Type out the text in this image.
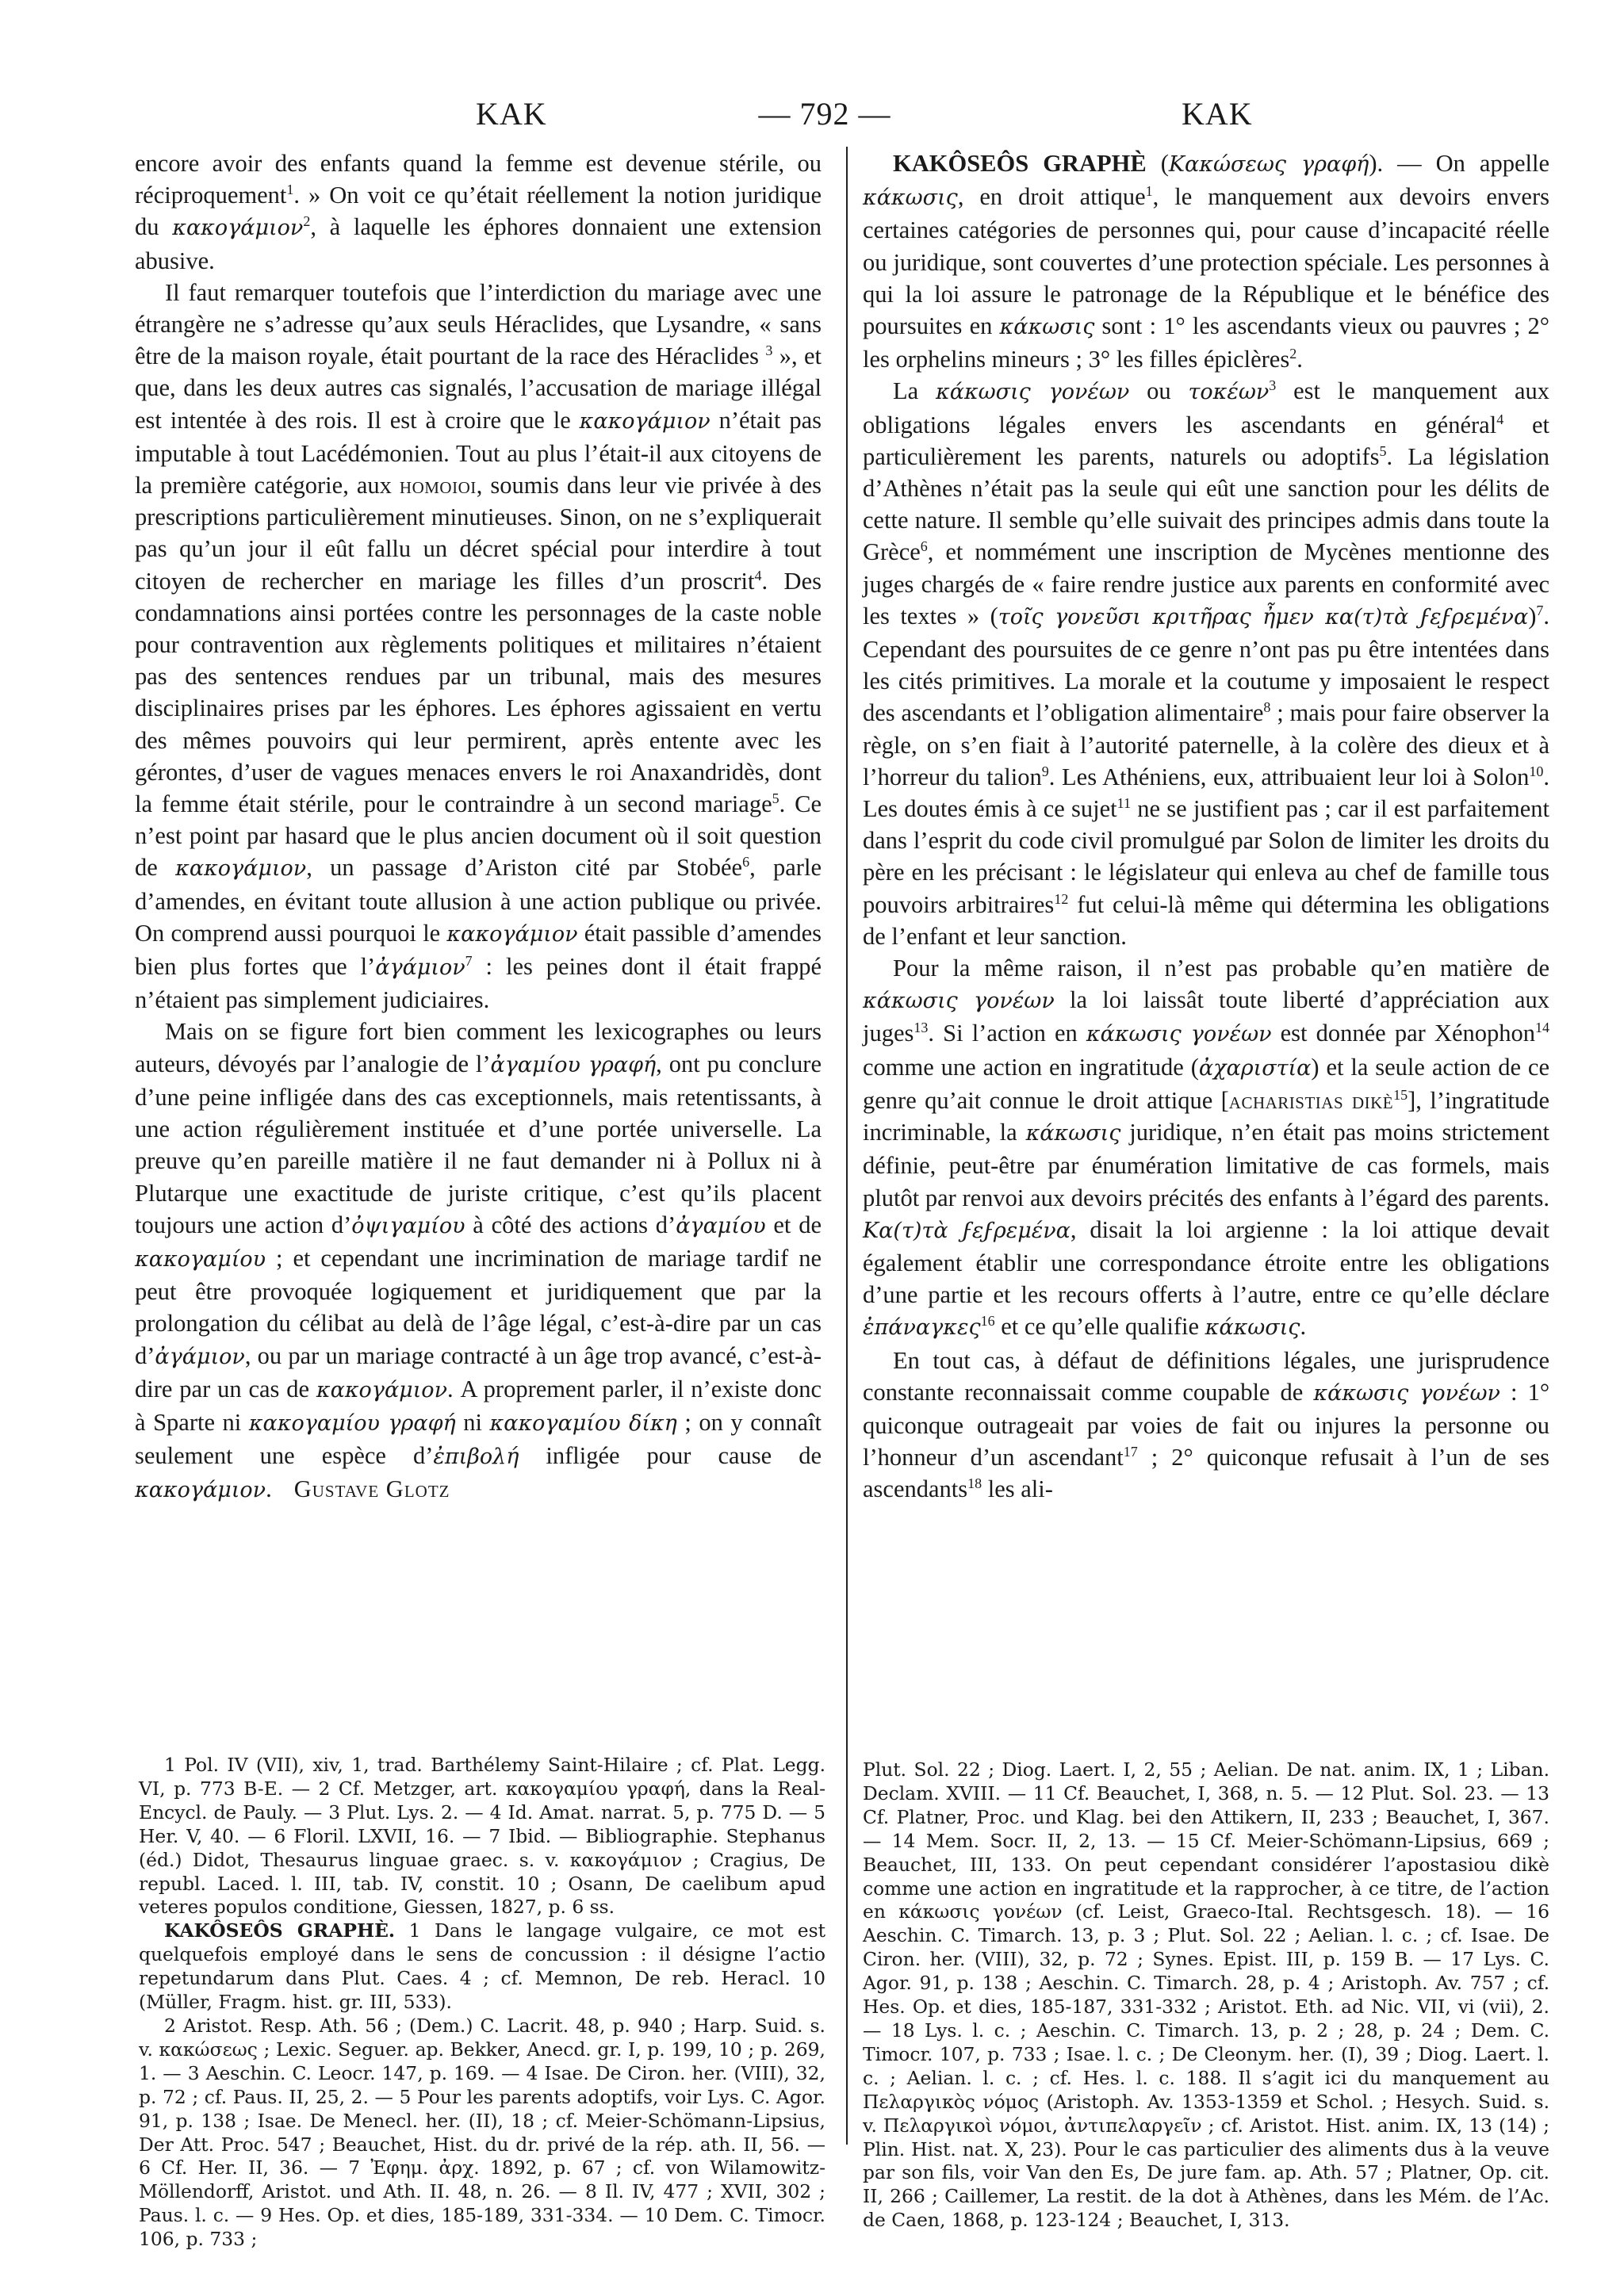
KAK	— 792 —	KAK

encore avoir des enfants quand la femme est devenue stérile, ou réciproquement$^1$. » On voit ce qu’était réellement la notion juridique du κακογάμιον$^2$, à laquelle les éphores donnaient une extension abusive.

Il faut remarquer toutefois que l’interdiction du mariage avec une étrangère ne s’adresse qu’aux seuls Héraclides, que Lysandre, « sans être de la maison royale, était pourtant de la race des Héraclides $^3$ », et que, dans les deux autres cas signalés, l’accusation de mariage illégal est intentée à des rois. Il est à croire que le κακογάμιον n’était pas imputable à tout Lacédémonien. Tout au plus l’était-il aux citoyens de la première catégorie, aux homoioi, soumis dans leur vie privée à des prescriptions particulièrement minutieuses. Sinon, on ne s’expliquerait pas qu’un jour il eût fallu un décret spécial pour interdire à tout citoyen de rechercher en mariage les filles d’un proscrit$^4$. Des condamnations ainsi portées contre les personnages de la caste noble pour contravention aux règlements politiques et militaires n’étaient pas des sentences rendues par un tribunal, mais des mesures disciplinaires prises par les éphores. Les éphores agissaient en vertu des mêmes pouvoirs qui leur permirent, après entente avec les gérontes, d’user de vagues menaces envers le roi Anaxandridès, dont la femme était stérile, pour le contraindre à un second mariage$^5$. Ce n’est point par hasard que le plus ancien document où il soit question de κακογάμιον, un passage d’Ariston cité par Stobée$^6$, parle d’amendes, en évitant toute allusion à une action publique ou privée. On comprend aussi pourquoi le κακογάμιον était passible d’amendes bien plus fortes que l’ἀγάμιον$^7$ : les peines dont il était frappé n’étaient pas simplement judiciaires.

Mais on se figure fort bien comment les lexicographes ou leurs auteurs, dévoyés par l’analogie de l’ἀγαμίου γραφή, ont pu conclure d’une peine infligée dans des cas exceptionnels, mais retentissants, à une action régulièrement instituée et d’une portée universelle. La preuve qu’en pareille matière il ne faut demander ni à Pollux ni à Plutarque une exactitude de juriste critique, c’est qu’ils placent toujours une action d’ὀψιγαμίου à côté des actions d’ἀγαμίου et de κακογαμίου ; et cependant une incrimination de mariage tardif ne peut être provoquée logiquement et juridiquement que par la prolongation du célibat au delà de l’âge légal, c’est-à-dire par un cas d’ἀγάμιον, ou par un mariage contracté à un âge trop avancé, c’est-à-dire par un cas de κακογάμιον. A proprement parler, il n’existe donc à Sparte ni κακογαμίου γραφή ni κακογαμίου δίκη ; on y connaît seulement une espèce d’ἐπιβολή infligée pour cause de κακογάμιον. Gustave Glotz

KAKÔSEÔS GRAPHÈ (Κακώσεως γραφή). — On appelle κάκωσις, en droit attique$^1$, le manquement aux devoirs envers certaines catégories de personnes qui, pour cause d’incapacité réelle ou juridique, sont couvertes d’une protection spéciale. Les personnes à qui la loi assure le patronage de la République et le bénéfice des poursuites en κάκωσις sont : 1° les ascendants vieux ou pauvres ; 2° les orphelins mineurs ; 3° les filles épiclères$^2$.

La κάκωσις γονέων ou τοκέων$^3$ est le manquement aux obligations légales envers les ascendants en général$^4$ et particulièrement les parents, naturels ou adoptifs$^5$. La législation d’Athènes n’était pas la seule qui eût une sanction pour les délits de cette nature. Il semble qu’elle suivait des principes admis dans toute la Grèce$^6$, et nommément une inscription de Mycènes mentionne des juges chargés de « faire rendre justice aux parents en conformité avec les textes » (τοῖς γονεῦσι κριτῆρας ἦμεν κα(τ)τὰ ϝεϝρεμένα)$^7$. Cependant des poursuites de ce genre n’ont pas pu être intentées dans les cités primitives. La morale et la coutume y imposaient le respect des ascendants et l’obligation alimentaire$^8$ ; mais pour faire observer la règle, on s’en fiait à l’autorité paternelle, à la colère des dieux et à l’horreur du talion$^9$. Les Athéniens, eux, attribuaient leur loi à Solon$^{10}$. Les doutes émis à ce sujet$^{11}$ ne se justifient pas ; car il est parfaitement dans l’esprit du code civil promulgué par Solon de limiter les droits du père en les précisant : le législateur qui enleva au chef de famille tous pouvoirs arbitraires$^{12}$ fut celui-là même qui détermina les obligations de l’enfant et leur sanction.

Pour la même raison, il n’est pas probable qu’en matière de κάκωσις γονέων la loi laissât toute liberté d’appréciation aux juges$^{13}$. Si l’action en κάκωσις γονέων est donnée par Xénophon$^{14}$ comme une action en ingratitude (ἀχαριστία) et la seule action de ce genre qu’ait connue le droit attique [acharistias dikè$^{15}$], l’ingratitude incriminable, la κάκωσις juridique, n’en était pas moins strictement définie, peut-être par énumération limitative de cas formels, mais plutôt par renvoi aux devoirs précités des enfants à l’égard des parents. Κα(τ)τὰ ϝεϝρεμένα, disait la loi argienne : la loi attique devait également établir une correspondance étroite entre les obligations d’une partie et les recours offerts à l’autre, entre ce qu’elle déclare ἐπάναγκες$^{16}$ et ce qu’elle qualifie κάκωσις.

En tout cas, à défaut de définitions légales, une jurisprudence constante reconnaissait comme coupable de κάκωσις γονέων : 1° quiconque outrageait par voies de fait ou injures la personne ou l’honneur d’un ascendant$^{17}$ ; 2° quiconque refusait à l’un de ses ascendants$^{18}$ les ali-

1 Pol. IV (VII), xiv, 1, trad. Barthélemy Saint-Hilaire ; cf. Plat. Legg. VI, p. 773 B-E. — 2 Cf. Metzger, art. κακογαμίου γραφή, dans la Real-Encycl. de Pauly. — 3 Plut. Lys. 2. — 4 Id. Amat. narrat. 5, p. 775 D. — 5 Her. V, 40. — 6 Floril. LXVII, 16. — 7 Ibid. — Bibliographie. Stephanus (éd.) Didot, Thesaurus linguae graec. s. v. κακογάμιον ; Cragius, De republ. Laced. l. III, tab. IV, constit. 10 ; Osann, De caelibum apud veteres populos conditione, Giessen, 1827, p. 6 ss.

KAKÔSEÔS GRAPHÈ. 1 Dans le langage vulgaire, ce mot est quelquefois employé dans le sens de concussion : il désigne l’actio repetundarum dans Plut. Caes. 4 ; cf. Memnon, De reb. Heracl. 10 (Müller, Fragm. hist. gr. III, 533).

2 Aristot. Resp. Ath. 56 ; (Dem.) C. Lacrit. 48, p. 940 ; Harp. Suid. s. v. κακώσεως ; Lexic. Seguer. ap. Bekker, Anecd. gr. I, p. 199, 10 ; p. 269, 1. — 3 Aeschin. C. Leocr. 147, p. 169. — 4 Isae. De Ciron. her. (VIII), 32, p. 72 ; cf. Paus. II, 25, 2. — 5 Pour les parents adoptifs, voir Lys. C. Agor. 91, p. 138 ; Isae. De Menecl. her. (II), 18 ; cf. Meier-Schömann-Lipsius, Der Att. Proc. 547 ; Beauchet, Hist. du dr. privé de la rép. ath. II, 56. — 6 Cf. Her. II, 36. — 7 Ἐφημ. ἀρχ. 1892, p. 67 ; cf. von Wilamowitz-Möllendorff, Aristot. und Ath. II. 48, n. 26. — 8 Il. IV, 477 ; XVII, 302 ; Paus. l. c. — 9 Hes. Op. et dies, 185-189, 331-334. — 10 Dem. C. Timocr. 106, p. 733 ;

Plut. Sol. 22 ; Diog. Laert. I, 2, 55 ; Aelian. De nat. anim. IX, 1 ; Liban. Declam. XVIII. — 11 Cf. Beauchet, I, 368, n. 5. — 12 Plut. Sol. 23. — 13 Cf. Platner, Proc. und Klag. bei den Attikern, II, 233 ; Beauchet, I, 367. — 14 Mem. Socr. II, 2, 13. — 15 Cf. Meier-Schömann-Lipsius, 669 ; Beauchet, III, 133. On peut cependant considérer l’apostasiou dikè comme une action en ingratitude et la rapprocher, à ce titre, de l’action en κάκωσις γονέων (cf. Leist, Graeco-Ital. Rechtsgesch. 18). — 16 Aeschin. C. Timarch. 13, p. 3 ; Plut. Sol. 22 ; Aelian. l. c. ; cf. Isae. De Ciron. her. (VIII), 32, p. 72 ; Synes. Epist. III, p. 159 B. — 17 Lys. C. Agor. 91, p. 138 ; Aeschin. C. Timarch. 28, p. 4 ; Aristoph. Av. 757 ; cf. Hes. Op. et dies, 185-187, 331-332 ; Aristot. Eth. ad Nic. VII, vi (vii), 2. — 18 Lys. l. c. ; Aeschin. C. Timarch. 13, p. 2 ; 28, p. 24 ; Dem. C. Timocr. 107, p. 733 ; Isae. l. c. ; De Cleonym. her. (I), 39 ; Diog. Laert. l. c. ; Aelian. l. c. ; cf. Hes. l. c. 188. Il s’agit ici du manquement au Πελαργικὸς νόμος (Aristoph. Av. 1353-1359 et Schol. ; Hesych. Suid. s. v. Πελαργικοὶ νόμοι, ἀντιπελαργεῖν ; cf. Aristot. Hist. anim. IX, 13 (14) ; Plin. Hist. nat. X, 23). Pour le cas particulier des aliments dus à la veuve par son fils, voir Van den Es, De jure fam. ap. Ath. 57 ; Platner, Op. cit. II, 266 ; Caillemer, La restit. de la dot à Athènes, dans les Mém. de l’Ac. de Caen, 1868, p. 123-124 ; Beauchet, I, 313.
